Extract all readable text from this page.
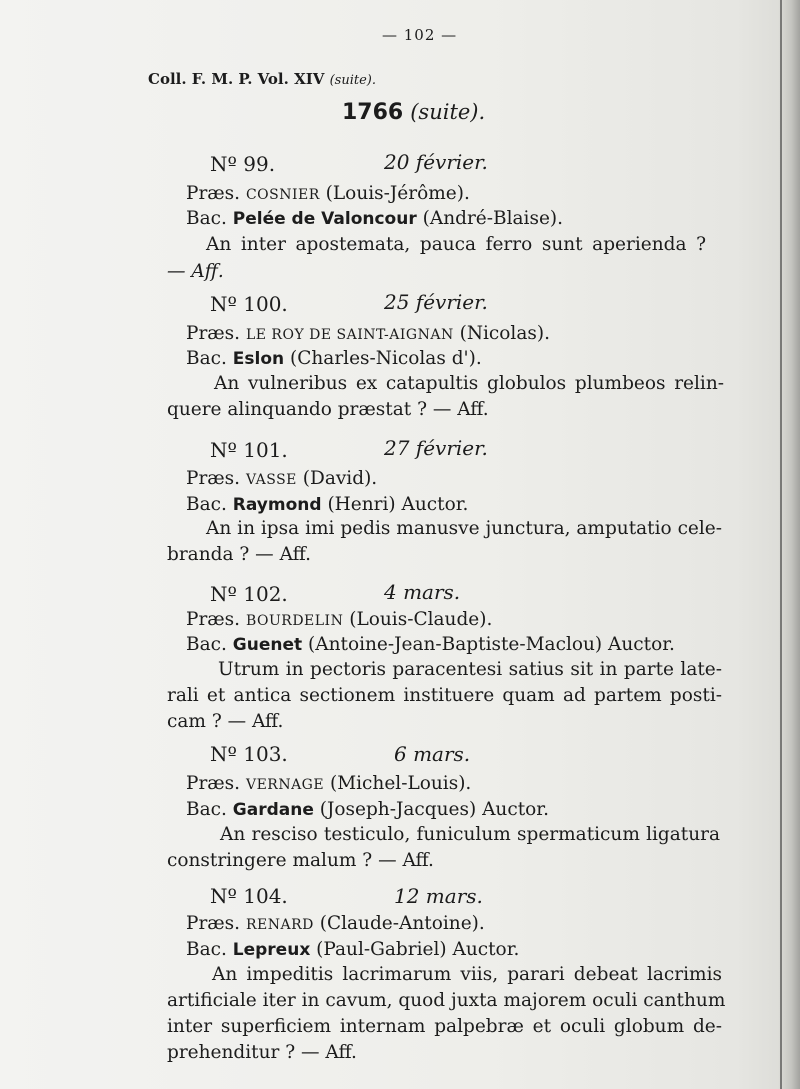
— 102 —
Coll. F. M. P. Vol. XIV (suite).
1766 (suite).
Nº 99.	20 février.
Præs. COSNIER (Louis-Jérôme).
Bac. Pelée de Valoncour (André-Blaise).
An inter apostemata, pauca ferro sunt aperienda ?
— Aff.
Nº 100.	25 février.
Præs. LE ROY DE SAINT-AIGNAN (Nicolas).
Bac. Eslon (Charles-Nicolas d').
An vulneribus ex catapultis globulos plumbeos relin-
quere alinquando præstat ? — Aff.
Nº 101.	27 février.
Præs. VASSE (David).
Bac. Raymond (Henri) Auctor.
An in ipsa imi pedis manusve junctura, amputatio cele-
branda ? — Aff.
Nº 102.	4 mars.
Præs. BOURDELIN (Louis-Claude).
Bac. Guenet (Antoine-Jean-Baptiste-Maclou) Auctor.
Utrum in pectoris paracentesi satius sit in parte late-
rali et antica sectionem instituere quam ad partem posti-
cam ? — Aff.
Nº 103.	6 mars.
Præs. VERNAGE (Michel-Louis).
Bac. Gardane (Joseph-Jacques) Auctor.
An resciso testiculo, funiculum spermaticum ligatura
constringere malum ? — Aff.
Nº 104.	12 mars.
Præs. RENARD (Claude-Antoine).
Bac. Lepreux (Paul-Gabriel) Auctor.
An impeditis lacrimarum viis, parari debeat lacrimis
artificiale iter in cavum, quod juxta majorem oculi canthum
inter superficiem internam palpebræ et oculi globum de-
prehenditur ? — Aff.
